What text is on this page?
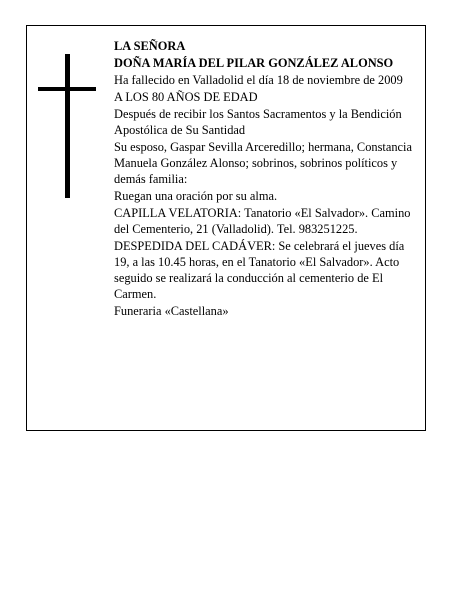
LA SEÑORA

DOÑA MARÍA DEL PILAR GONZÁLEZ ALONSO

Ha fallecido en Valladolid el día 18 de noviembre de 2009

A LOS 80 AÑOS DE EDAD

Después de recibir los Santos Sacramentos y la Bendición Apostólica de Su Santidad

Su esposo, Gaspar Sevilla Arceredillo; hermana, Constancia Manuela González Alonso; sobrinos, sobrinos políticos y demás familia:

Ruegan una oración por su alma.

CAPILLA VELATORIA: Tanatorio «El Salvador». Camino del Cementerio, 21 (Valladolid). Tel. 983251225.

DESPEDIDA DEL CADÁVER: Se celebrará el jueves día 19, a las 10.45 horas, en el Tanatorio «El Salvador». Acto seguido se realizará la conducción al cementerio de El Carmen.

Funeraria «Castellana»
